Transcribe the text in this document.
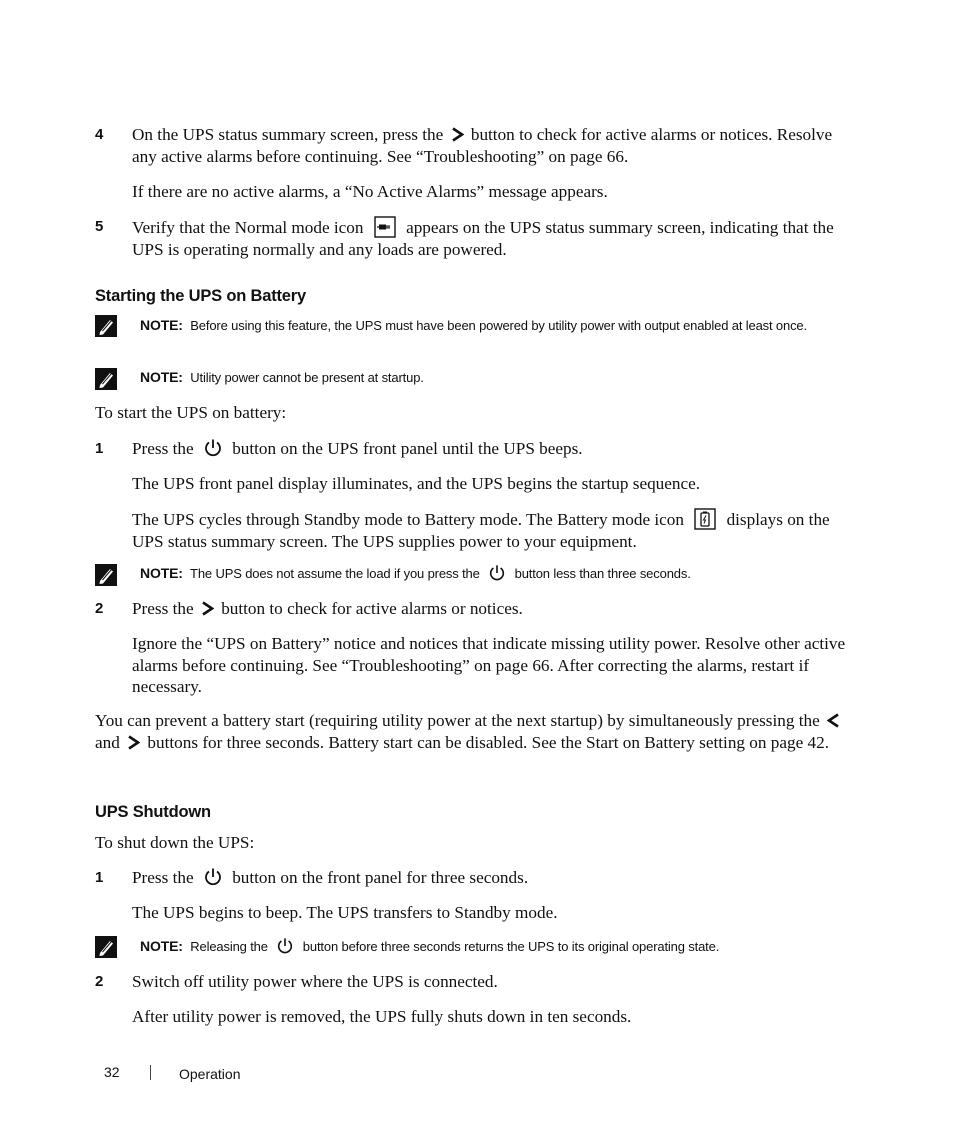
4 On the UPS status summary screen, press the button to check for active alarms or notices. Resolve any active alarms before continuing. See “Troubleshooting” on page 66.
If there are no active alarms, a “No Active Alarms” message appears.
5 Verify that the Normal mode icon appears on the UPS status summary screen, indicating that the UPS is operating normally and any loads are powered.
Starting the UPS on Battery
NOTE: Before using this feature, the UPS must have been powered by utility power with output enabled at least once.
NOTE: Utility power cannot be present at startup.
To start the UPS on battery:
1 Press the button on the UPS front panel until the UPS beeps.
The UPS front panel display illuminates, and the UPS begins the startup sequence.
The UPS cycles through Standby mode to Battery mode. The Battery mode icon displays on the UPS status summary screen. The UPS supplies power to your equipment.
NOTE: The UPS does not assume the load if you press the	button less than three seconds.
2 Press the button to check for active alarms or notices.
Ignore the “UPS on Battery” notice and notices that indicate missing utility power. Resolve other active alarms before continuing. See “Troubleshooting” on page 66. After correcting the alarms, restart if necessary.
You can prevent a battery start (requiring utility power at the next startup) by simultaneously pressing the  and buttons for three seconds. Battery start can be disabled. See the Start on Battery setting on page 42.
UPS Shutdown
To shut down the UPS:
1 Press the button on the front panel for three seconds.
The UPS begins to beep. The UPS transfers to Standby mode.
NOTE: Releasing the	button before three seconds returns the UPS to its original operating state.
2 Switch off utility power where the UPS is connected.
After utility power is removed, the UPS fully shuts down in ten seconds.
32	Operation
